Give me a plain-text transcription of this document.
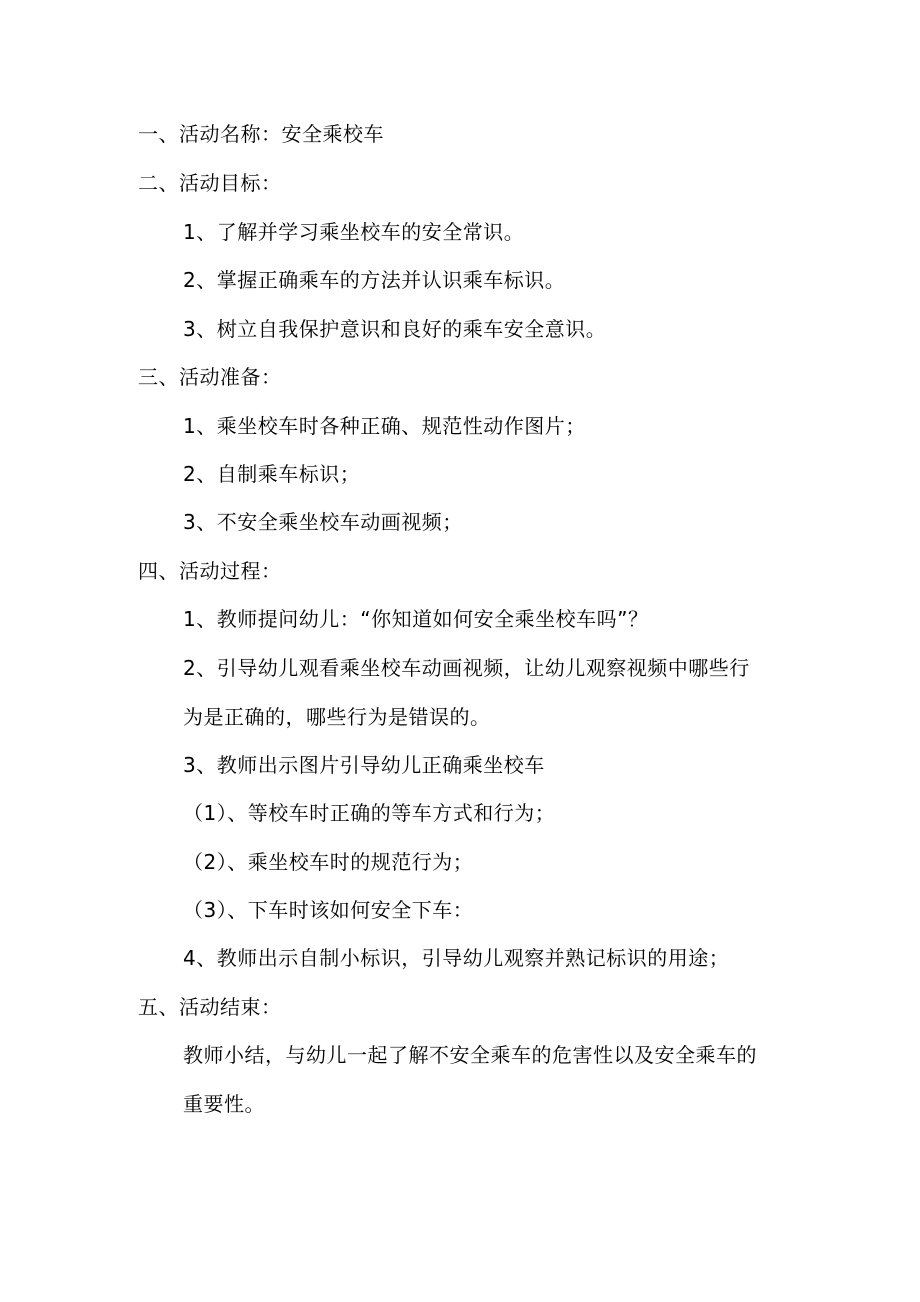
一、活动名称：安全乘校车
二、活动目标：
1、了解并学习乘坐校车的安全常识。
2、掌握正确乘车的方法并认识乘车标识。
3、树立自我保护意识和良好的乘车安全意识。
三、活动准备：
1、乘坐校车时各种正确、规范性动作图片；
2、自制乘车标识；
3、不安全乘坐校车动画视频；
四、活动过程：
1、教师提问幼儿：“你知道如何安全乘坐校车吗”？
2、引导幼儿观看乘坐校车动画视频，让幼儿观察视频中哪些行
为是正确的，哪些行为是错误的。
3、教师出示图片引导幼儿正确乘坐校车
（1）、等校车时正确的等车方式和行为；
（2）、乘坐校车时的规范行为；
（3）、下车时该如何安全下车：
4、教师出示自制小标识，引导幼儿观察并熟记标识的用途；
五、活动结束：
教师小结，与幼儿一起了解不安全乘车的危害性以及安全乘车的
重要性。
